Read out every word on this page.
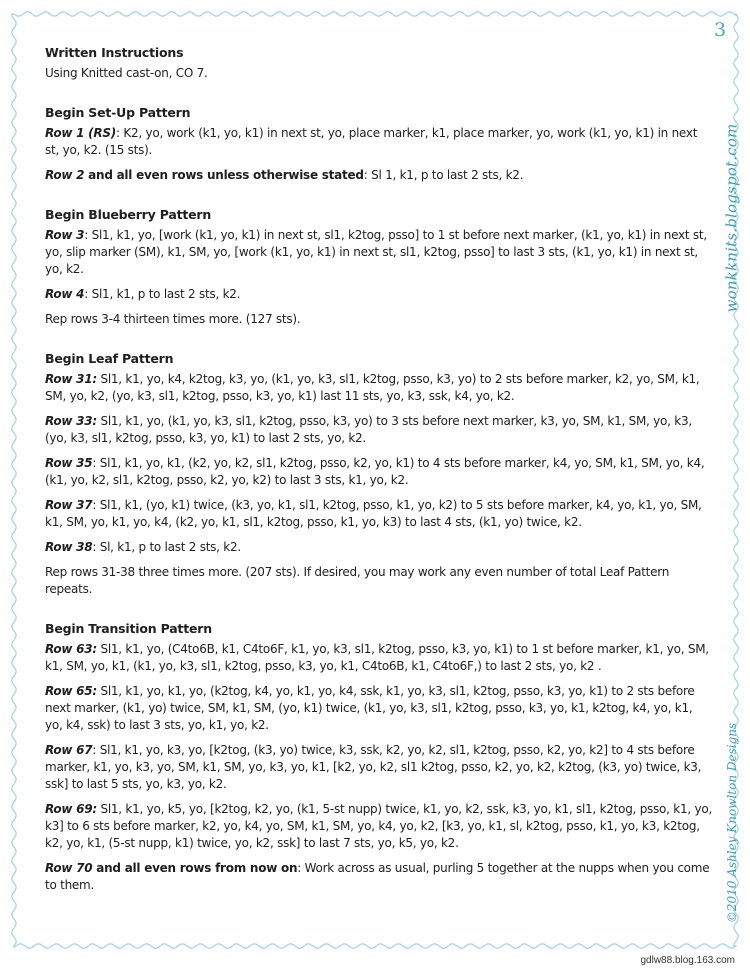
3
wonkknits.blogspot.com
©2010 Ashley Knowlton Designs
Written Instructions

Using Knitted cast-on, CO 7.

Begin Set-Up Pattern

Row 1 (RS): K2, yo, work (k1, yo, k1) in next st, yo, place marker, k1, place marker, yo, work (k1, yo, k1) in next st, yo, k2. (15 sts).

Row 2 and all even rows unless otherwise stated: Sl 1, k1, p to last 2 sts, k2.

Begin Blueberry Pattern

Row 3: Sl1, k1, yo, [work (k1, yo, k1) in next st, sl1, k2tog, psso] to 1 st before next marker, (k1, yo, k1) in next st, yo, slip marker (SM), k1, SM, yo, [work (k1, yo, k1) in next st, sl1, k2tog, psso] to last 3 sts, (k1, yo, k1) in next st, yo, k2.

Row 4: Sl1, k1, p to last 2 sts, k2.

Rep rows 3-4 thirteen times more. (127 sts).

Begin Leaf Pattern

Row 31: Sl1, k1, yo, k4, k2tog, k3, yo, (k1, yo, k3, sl1, k2tog, psso, k3, yo) to 2 sts before marker, k2, yo, SM, k1, SM, yo, k2, (yo, k3, sl1, k2tog, psso, k3, yo, k1) last 11 sts, yo, k3, ssk, k4, yo, k2.

Row 33: Sl1, k1, yo, (k1, yo, k3, sl1, k2tog, psso, k3, yo) to 3 sts before next marker, k3, yo, SM, k1, SM, yo, k3, (yo, k3, sl1, k2tog, psso, k3, yo, k1) to last 2 sts, yo, k2.

Row 35: Sl1, k1, yo, k1, (k2, yo, k2, sl1, k2tog, psso, k2, yo, k1) to 4 sts before marker, k4, yo, SM, k1, SM, yo, k4, (k1, yo, k2, sl1, k2tog, psso, k2, yo, k2) to last 3 sts, k1, yo, k2.

Row 37: Sl1, k1, (yo, k1) twice, (k3, yo, k1, sl1, k2tog, psso, k1, yo, k2) to 5 sts before marker, k4, yo, k1, yo, SM, k1, SM, yo, k1, yo, k4, (k2, yo, k1, sl1, k2tog, psso, k1, yo, k3) to last 4 sts, (k1, yo) twice, k2.

Row 38: Sl, k1, p to last 2 sts, k2.

Rep rows 31-38 three times more. (207 sts). If desired, you may work any even number of total Leaf Pattern repeats.

Begin Transition Pattern

Row 63: Sl1, k1, yo, (C4to6B, k1, C4to6F, k1, yo, k3, sl1, k2tog, psso, k3, yo, k1) to 1 st before marker, k1, yo, SM, k1, SM, yo, k1, (k1, yo, k3, sl1, k2tog, psso, k3, yo, k1, C4to6B, k1, C4to6F,) to last 2 sts, yo, k2 .

Row 65: Sl1, k1, yo, k1, yo, (k2tog, k4, yo, k1, yo, k4, ssk, k1, yo, k3, sl1, k2tog, psso, k3, yo, k1) to 2 sts before next marker, (k1, yo) twice, SM, k1, SM, (yo, k1) twice, (k1, yo, k3, sl1, k2tog, psso, k3, yo, k1, k2tog, k4, yo, k1, yo, k4, ssk) to last 3 sts, yo, k1, yo, k2.

Row 67: Sl1, k1, yo, k3, yo, [k2tog, (k3, yo) twice, k3, ssk, k2, yo, k2, sl1, k2tog, psso, k2, yo, k2] to 4 sts before marker, k1, yo, k3, yo, SM, k1, SM, yo, k3, yo, k1, [k2, yo, k2, sl1 k2tog, psso, k2, yo, k2, k2tog, (k3, yo) twice, k3, ssk] to last 5 sts, yo, k3, yo, k2.

Row 69: Sl1, k1, yo, k5, yo, [k2tog, k2, yo, (k1, 5-st nupp) twice, k1, yo, k2, ssk, k3, yo, k1, sl1, k2tog, psso, k1, yo, k3] to 6 sts before marker, k2, yo, k4, yo, SM, k1, SM, yo, k4, yo, k2, [k3, yo, k1, sl, k2tog, psso, k1, yo, k3, k2tog, k2, yo, k1, (5-st nupp, k1) twice, yo, k2, ssk] to last 7 sts, yo, k5, yo, k2.

Row 70 and all even rows from now on: Work across as usual, purling 5 together at the nupps when you come to them.

gdlw88.blog.163.com
